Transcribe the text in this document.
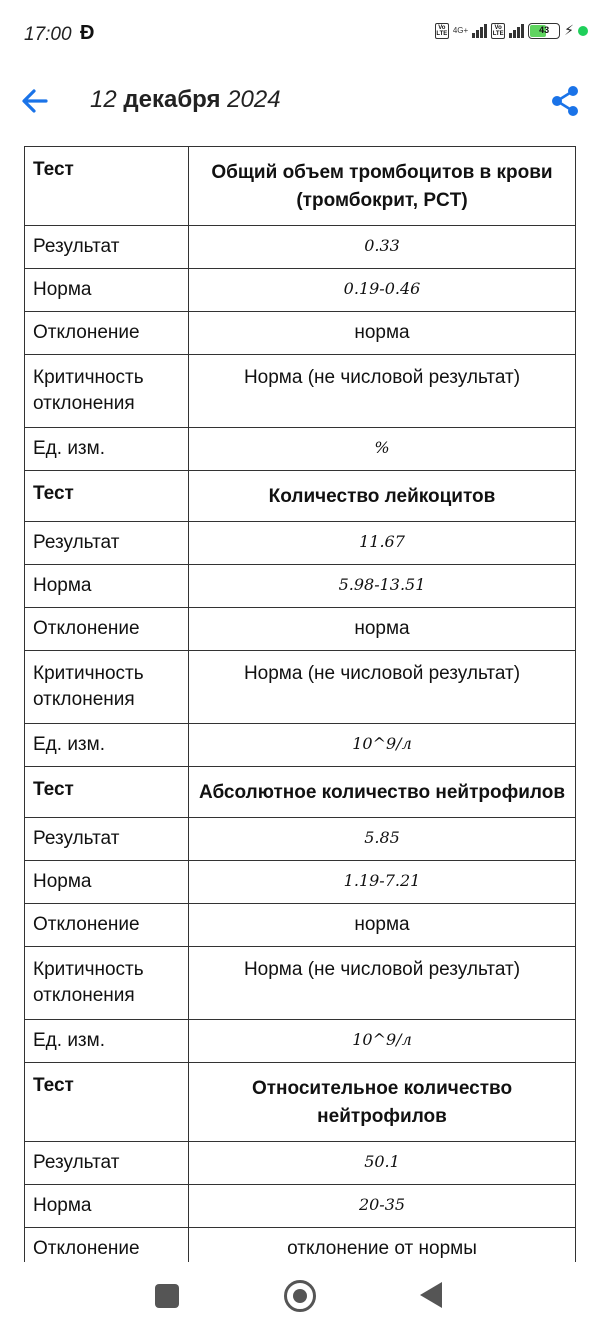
17:00 Đ	Vo LTE 4G+	Vo LTE	43	⚡
12 декабря 2024
Тест	Общий объем тромбоцитов в крови (тромбокрит, PCT)
Результат	0.33
Норма	0.19-0.46
Отклонение	норма
Критичность отклонения	Норма (не числовой результат)
Ед. изм.	%
Тест	Количество лейкоцитов
Результат	11.67
Норма	5.98-13.51
Отклонение	норма
Критичность отклонения	Норма (не числовой результат)
Ед. изм.	10^9/л
Тест	Абсолютное количество нейтрофилов
Результат	5.85
Норма	1.19-7.21
Отклонение	норма
Критичность отклонения	Норма (не числовой результат)
Ед. изм.	10^9/л
Тест	Относительное количество нейтрофилов
Результат	50.1
Норма	20-35
Отклонение	отклонение от нормы
